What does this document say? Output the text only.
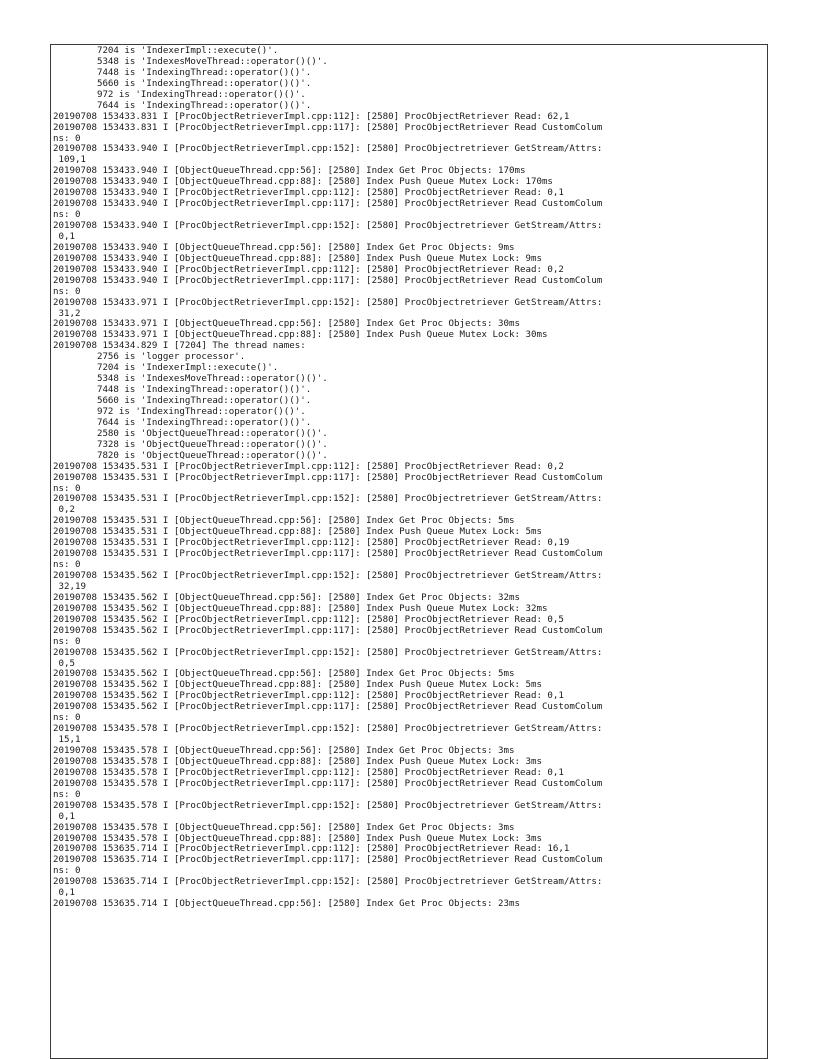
7204 is 'IndexerImpl::execute()'.
5348 is 'IndexesMoveThread::operator()()'.
7448 is 'IndexingThread::operator()()'.
5660 is 'IndexingThread::operator()()'.
972 is 'IndexingThread::operator()()'.
7644 is 'IndexingThread::operator()()'.
20190708 153433.831 I [ProcObjectRetrieverImpl.cpp:112]: [2580] ProcObjectRetriever Read: 62,1
20190708 153433.831 I [ProcObjectRetrieverImpl.cpp:117]: [2580] ProcObjectRetriever Read CustomColum
ns: 0
20190708 153433.940 I [ProcObjectRetrieverImpl.cpp:152]: [2580] ProcObjectretriever GetStream/Attrs:
109,1
20190708 153433.940 I [ObjectQueueThread.cpp:56]: [2580] Index Get Proc Objects: 170ms
20190708 153433.940 I [ObjectQueueThread.cpp:88]: [2580] Index Push Queue Mutex Lock: 170ms
20190708 153433.940 I [ProcObjectRetrieverImpl.cpp:112]: [2580] ProcObjectRetriever Read: 0,1
20190708 153433.940 I [ProcObjectRetrieverImpl.cpp:117]: [2580] ProcObjectRetriever Read CustomColum
ns: 0
20190708 153433.940 I [ProcObjectRetrieverImpl.cpp:152]: [2580] ProcObjectretriever GetStream/Attrs:
0,1
20190708 153433.940 I [ObjectQueueThread.cpp:56]: [2580] Index Get Proc Objects: 9ms
20190708 153433.940 I [ObjectQueueThread.cpp:88]: [2580] Index Push Queue Mutex Lock: 9ms
20190708 153433.940 I [ProcObjectRetrieverImpl.cpp:112]: [2580] ProcObjectRetriever Read: 0,2
20190708 153433.940 I [ProcObjectRetrieverImpl.cpp:117]: [2580] ProcObjectRetriever Read CustomColum
ns: 0
20190708 153433.971 I [ProcObjectRetrieverImpl.cpp:152]: [2580] ProcObjectretriever GetStream/Attrs:
31,2
20190708 153433.971 I [ObjectQueueThread.cpp:56]: [2580] Index Get Proc Objects: 30ms
20190708 153433.971 I [ObjectQueueThread.cpp:88]: [2580] Index Push Queue Mutex Lock: 30ms
20190708 153434.829 I [7204] The thread names:
2756 is 'logger processor'.
7204 is 'IndexerImpl::execute()'.
5348 is 'IndexesMoveThread::operator()()'.
7448 is 'IndexingThread::operator()()'.
5660 is 'IndexingThread::operator()()'.
972 is 'IndexingThread::operator()()'.
7644 is 'IndexingThread::operator()()'.
2580 is 'ObjectQueueThread::operator()()'.
7328 is 'ObjectQueueThread::operator()()'.
7820 is 'ObjectQueueThread::operator()()'.
20190708 153435.531 I [ProcObjectRetrieverImpl.cpp:112]: [2580] ProcObjectRetriever Read: 0,2
20190708 153435.531 I [ProcObjectRetrieverImpl.cpp:117]: [2580] ProcObjectRetriever Read CustomColum
ns: 0
20190708 153435.531 I [ProcObjectRetrieverImpl.cpp:152]: [2580] ProcObjectretriever GetStream/Attrs:
0,2
20190708 153435.531 I [ObjectQueueThread.cpp:56]: [2580] Index Get Proc Objects: 5ms
20190708 153435.531 I [ObjectQueueThread.cpp:88]: [2580] Index Push Queue Mutex Lock: 5ms
20190708 153435.531 I [ProcObjectRetrieverImpl.cpp:112]: [2580] ProcObjectRetriever Read: 0,19
20190708 153435.531 I [ProcObjectRetrieverImpl.cpp:117]: [2580] ProcObjectRetriever Read CustomColum
ns: 0
20190708 153435.562 I [ProcObjectRetrieverImpl.cpp:152]: [2580] ProcObjectretriever GetStream/Attrs:
32,19
20190708 153435.562 I [ObjectQueueThread.cpp:56]: [2580] Index Get Proc Objects: 32ms
20190708 153435.562 I [ObjectQueueThread.cpp:88]: [2580] Index Push Queue Mutex Lock: 32ms
20190708 153435.562 I [ProcObjectRetrieverImpl.cpp:112]: [2580] ProcObjectRetriever Read: 0,5
20190708 153435.562 I [ProcObjectRetrieverImpl.cpp:117]: [2580] ProcObjectRetriever Read CustomColum
ns: 0
20190708 153435.562 I [ProcObjectRetrieverImpl.cpp:152]: [2580] ProcObjectretriever GetStream/Attrs:
0,5
20190708 153435.562 I [ObjectQueueThread.cpp:56]: [2580] Index Get Proc Objects: 5ms
20190708 153435.562 I [ObjectQueueThread.cpp:88]: [2580] Index Push Queue Mutex Lock: 5ms
20190708 153435.562 I [ProcObjectRetrieverImpl.cpp:112]: [2580] ProcObjectRetriever Read: 0,1
20190708 153435.562 I [ProcObjectRetrieverImpl.cpp:117]: [2580] ProcObjectRetriever Read CustomColum
ns: 0
20190708 153435.578 I [ProcObjectRetrieverImpl.cpp:152]: [2580] ProcObjectretriever GetStream/Attrs:
15,1
20190708 153435.578 I [ObjectQueueThread.cpp:56]: [2580] Index Get Proc Objects: 3ms
20190708 153435.578 I [ObjectQueueThread.cpp:88]: [2580] Index Push Queue Mutex Lock: 3ms
20190708 153435.578 I [ProcObjectRetrieverImpl.cpp:112]: [2580] ProcObjectRetriever Read: 0,1
20190708 153435.578 I [ProcObjectRetrieverImpl.cpp:117]: [2580] ProcObjectRetriever Read CustomColum
ns: 0
20190708 153435.578 I [ProcObjectRetrieverImpl.cpp:152]: [2580] ProcObjectretriever GetStream/Attrs:
0,1
20190708 153435.578 I [ObjectQueueThread.cpp:56]: [2580] Index Get Proc Objects: 3ms
20190708 153435.578 I [ObjectQueueThread.cpp:88]: [2580] Index Push Queue Mutex Lock: 3ms
20190708 153635.714 I [ProcObjectRetrieverImpl.cpp:112]: [2580] ProcObjectRetriever Read: 16,1
20190708 153635.714 I [ProcObjectRetrieverImpl.cpp:117]: [2580] ProcObjectRetriever Read CustomColum
ns: 0
20190708 153635.714 I [ProcObjectRetrieverImpl.cpp:152]: [2580] ProcObjectretriever GetStream/Attrs:
0,1
20190708 153635.714 I [ObjectQueueThread.cpp:56]: [2580] Index Get Proc Objects: 23ms
